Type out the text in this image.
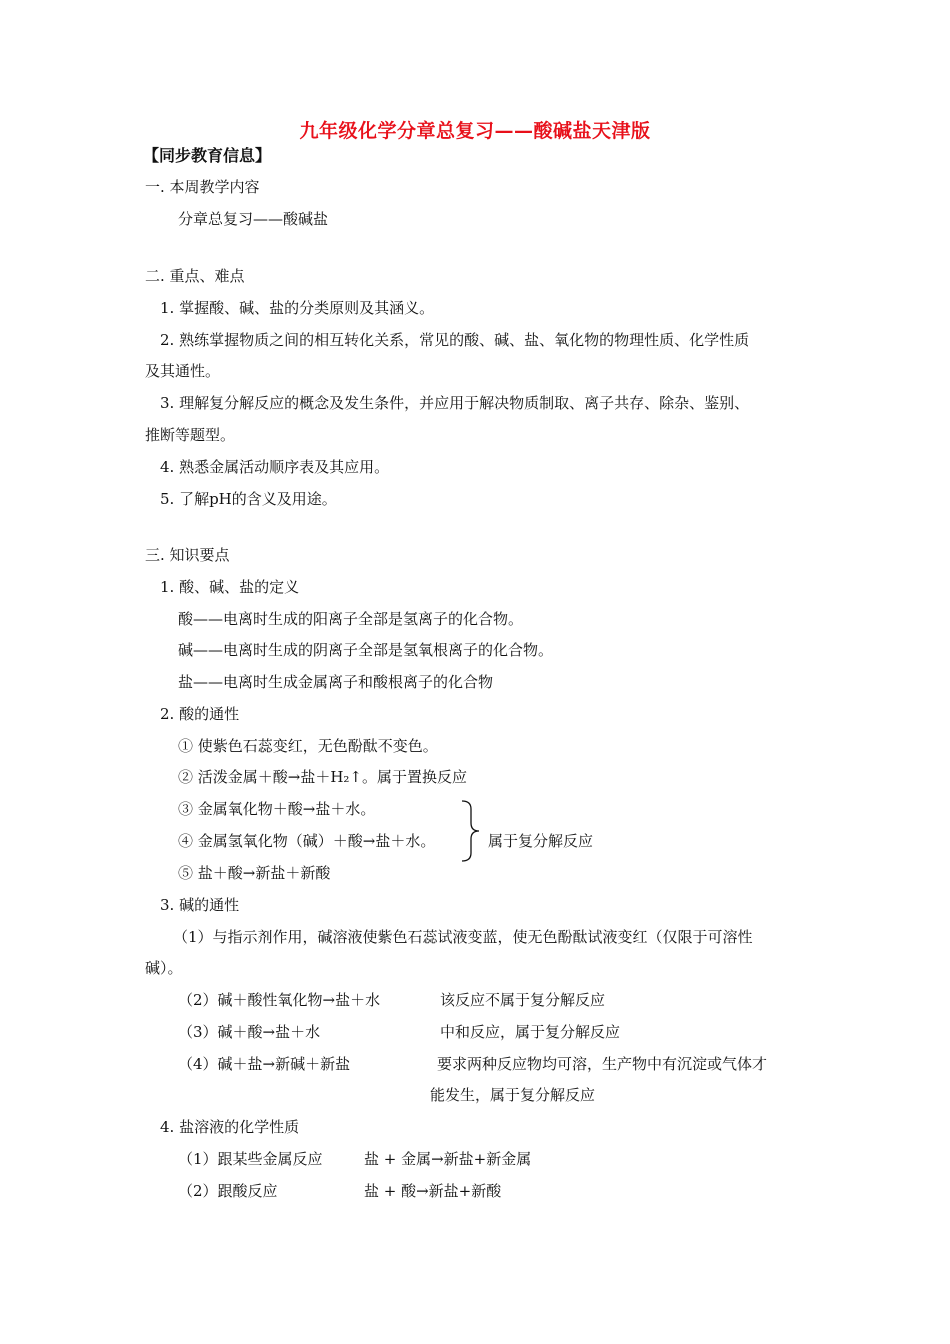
九年级化学分章总复习——酸碱盐天津版
【同步教育信息】
一. 本周教学内容
分章总复习——酸碱盐
二. 重点、难点
1. 掌握酸、碱、盐的分类原则及其涵义。
2. 熟练掌握物质之间的相互转化关系，常见的酸、碱、盐、氧化物的物理性质、化学性质
及其通性。
3. 理解复分解反应的概念及发生条件，并应用于解决物质制取、离子共存、除杂、鉴别、
推断等题型。
4. 熟悉金属活动顺序表及其应用。
5. 了解pH的含义及用途。
三. 知识要点
1. 酸、碱、盐的定义
酸——电离时生成的阳离子全部是氢离子的化合物。
碱——电离时生成的阴离子全部是氢氧根离子的化合物。
盐——电离时生成金属离子和酸根离子的化合物
2. 酸的通性
① 使紫色石蕊变红，无色酚酞不变色。
② 活泼金属＋酸→盐＋H₂↑。属于置换反应
③ 金属氧化物＋酸→盐＋水。
④ 金属氢氧化物（碱）＋酸→盐＋水。
⑤ 盐＋酸→新盐＋新酸
属于复分解反应
3. 碱的通性
（1）与指示剂作用，碱溶液使紫色石蕊试液变蓝，使无色酚酞试液变红（仅限于可溶性
碱）。
（2）碱＋酸性氧化物→盐＋水	该反应不属于复分解反应
（3）碱＋酸→盐＋水	中和反应，属于复分解反应
（4）碱＋盐→新碱＋新盐	要求两种反应物均可溶，生产物中有沉淀或气体才
能发生，属于复分解反应
4. 盐溶液的化学性质
（1）跟某些金属反应	盐 + 金属→新盐+新金属
（2）跟酸反应	盐 + 酸→新盐+新酸
